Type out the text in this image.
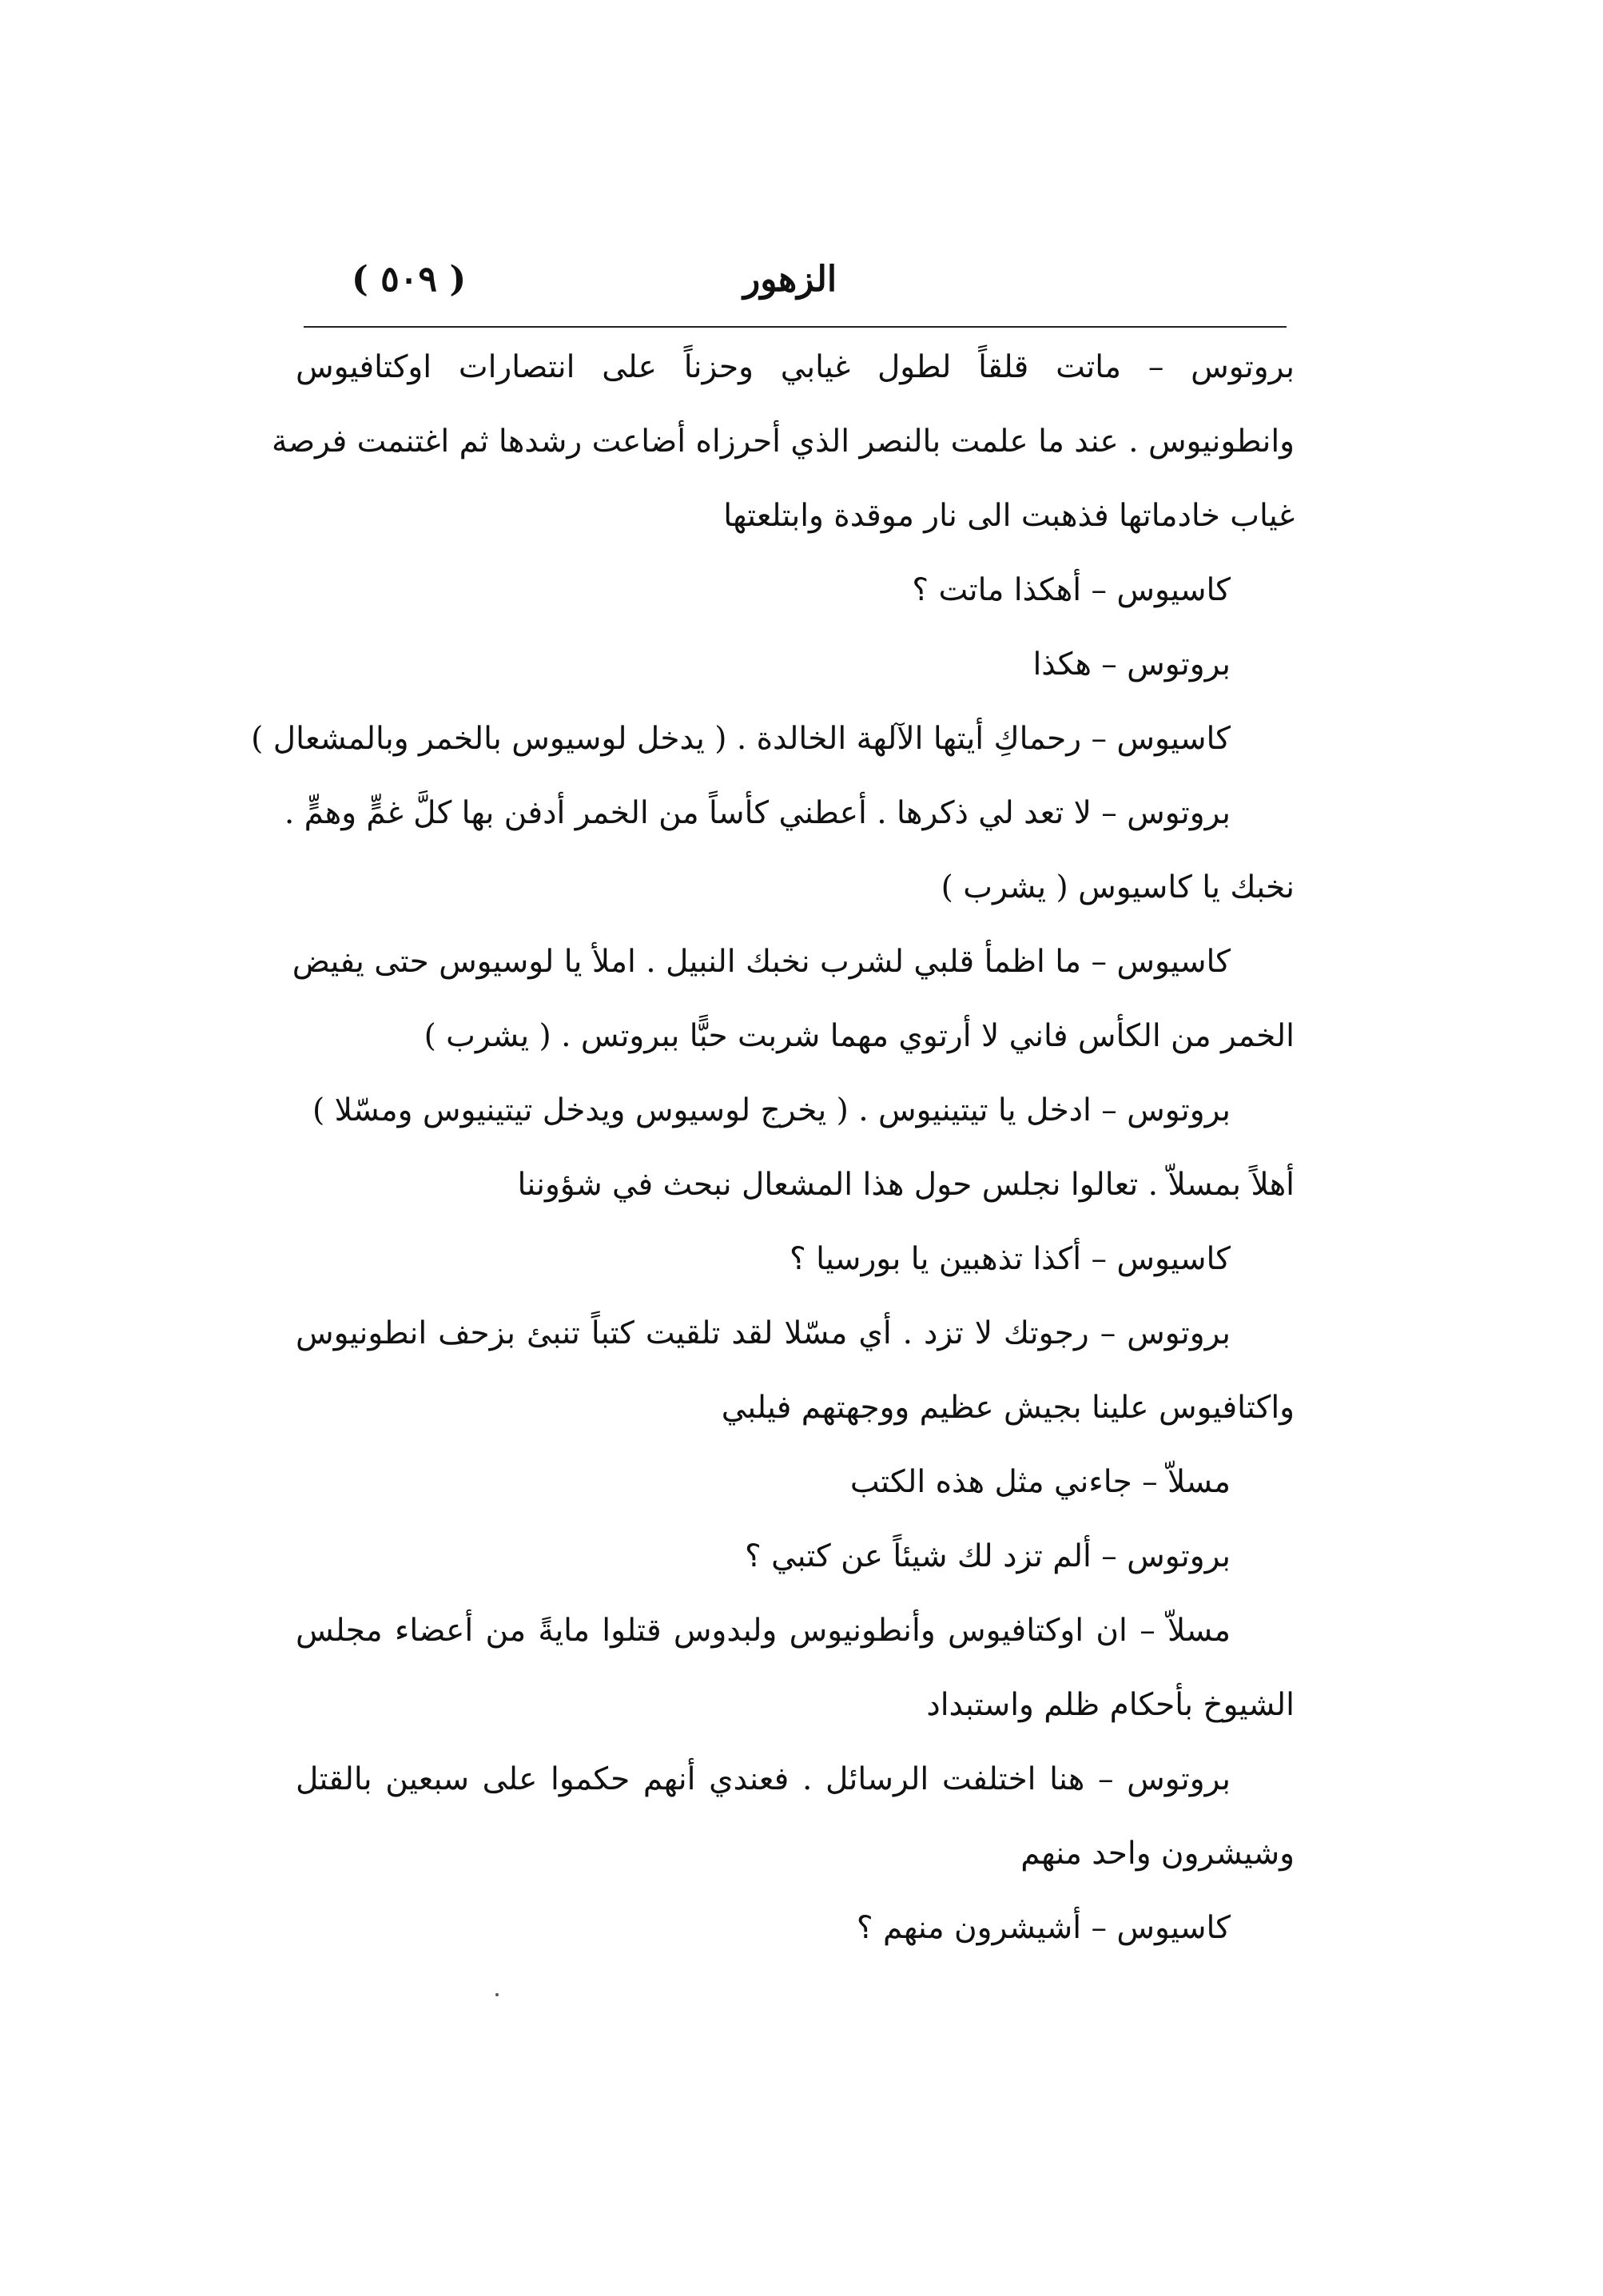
الزهور
( ٥٠٩ )
بروتوس – ماتت قلقاً لطول غيابي وحزناً على انتصارات اوكتافيوس
وانطونيوس . عند ما علمت بالنصر الذي أحرزاه أضاعت رشدها ثم اغتنمت فرصة
غياب خادماتها فذهبت الى نار موقدة وابتلعتها
كاسيوس – أهكذا ماتت ؟
بروتوس – هكذا
كاسيوس – رحماكِ أيتها الآلهة الخالدة . ( يدخل لوسيوس بالخمر وبالمشعال )
بروتوس – لا تعد لي ذكرها . أعطني كأساً من الخمر أدفن بها كلَّ غمٍّ وهمٍّ .
نخبك يا كاسيوس ( يشرب )
كاسيوس – ما اظمأ قلبي لشرب نخبك النبيل . املأ يا لوسيوس حتى يفيض
الخمر من الكأس فاني لا أرتوي مهما شربت حبًّا ببروتس . ( يشرب )
بروتوس – ادخل يا تيتينيوس . ( يخرج لوسيوس ويدخل تيتينيوس ومسّلا )
أهلاً بمسلاّ . تعالوا نجلس حول هذا المشعال نبحث في شؤوننا
كاسيوس – أكذا تذهبين يا بورسيا ؟
بروتوس – رجوتك لا تزد . أي مسّلا لقد تلقيت كتباً تنبئ بزحف انطونيوس
واكتافيوس علينا بجيش عظيم ووجهتهم فيلبي
مسلاّ – جاءني مثل هذه الكتب
بروتوس – ألم تزد لك شيئاً عن كتبي ؟
مسلاّ – ان اوكتافيوس وأنطونيوس ولبدوس قتلوا مايةً من أعضاء مجلس
الشيوخ بأحكام ظلم واستبداد
بروتوس – هنا اختلفت الرسائل . فعندي أنهم حكموا على سبعين بالقتل
وشيشرون واحد منهم
كاسيوس – أشيشرون منهم ؟
